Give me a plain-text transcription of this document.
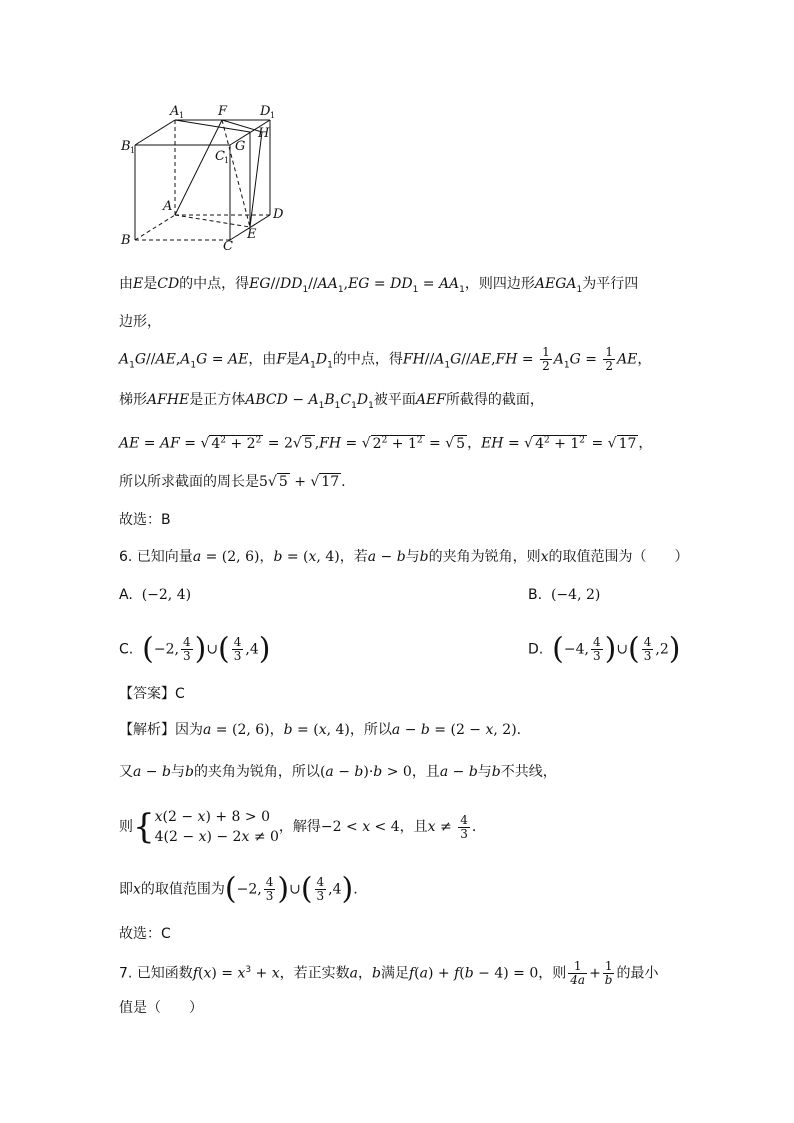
A 1	F	D 1
H
B 1	C 1
G
A
D
E
B	C
由E是CD的中点，得$EG//DD_1//AA_1,EG = DD_1 = AA_1$，则四边形$AEGA_1$为平行四
边形，
$A_1G//AE,A_1G$ = AE，由F是$A_1D_1$的中点，得$FH//A_1G//AE,FH = \frac{1}{2} A_1G = \frac{1}{2}$ AE，
梯形AFHE是正方体ABCD − $A_1B_1C_1D_1$被平面AEF所截得的截面，
AE = AF = √ $4^2 + 2^2 = 2√$ 5 ,FH = √ $2^2 + 1^2$ = √ 5 ，EH = √ $4^2 + 1^2$ = √ 17 ，
所以所求截面的周长是5√ 5 + √ 17 .
故选：B
6. 已知向量a = (2, 6)，b = (x, 4)，若a − b与b的夹角为锐角，则x的取值范围为（　　）
A. (−2, 4)	B. (−4, 2)
C. (−2, $\frac{4}{3}$ )∪( $\frac{4}{3} ,4$)	D. (−4, $\frac{4}{3}$ )∪( $\frac{4}{3} ,2$)
【答案】C
【解析】因为a = (2, 6)，b = (x, 4)，所以a − b = (2 − x, 2).
又a − b与b的夹角为锐角，所以(a − b)·b > 0，且a − b与b不共线，
则{ x(2 − x) + 8 > 0
4(2 − x) − 2x ≠ 0
，解得−2 < x < 4，且$x \ne \frac{4}{3}$ .
即x的取值范围为(−2, $\frac{4}{3}$ )∪( $\frac{4}{3} ,4$).
故选：C
7. 已知函数$f(x) = x^3 + x$，若正实数a，b满足f(a) + f(b − 4) = 0，则 $\frac{1}{4a} + \frac{1}{b}$ 的最小
值是（　　）
